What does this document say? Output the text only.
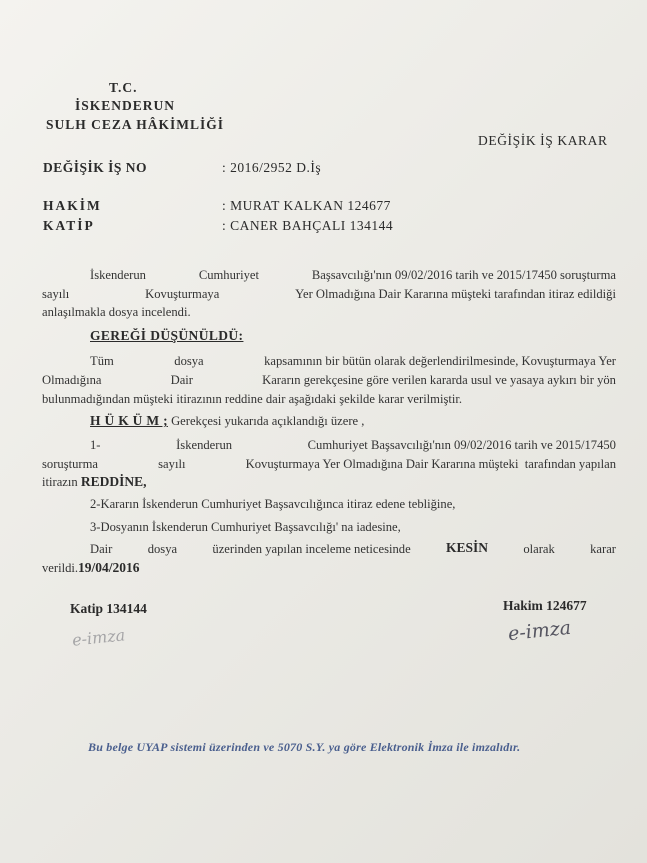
T.C.
İSKENDERUN
SULH CEZA HÂKİMLİĞİ
DEĞİŞİK İŞ KARAR
DEĞİŞİK İŞ NO	: 2016/2952 D.İş
HAKİM	: MURAT KALKAN 124677
KATİP	: CANER BAHÇALI 134144
İskenderun	Cumhuriyet	Başsavcılığı'nın 09/02/2016 tarih ve 2015/17450 soruşturma
sayılı	Kovuşturmaya	Yer Olmadığına Dair Kararına müşteki tarafından itiraz edildiği
anlaşılmakla dosya incelendi.
GEREĞİ DÜŞÜNÜLDÜ:
Tüm	dosya	kapsamının bir bütün olarak değerlendirilmesinde, Kovuşturmaya Yer
Olmadığına	Dair	Kararın gerekçesine göre verilen kararda usul ve yasaya aykırı bir yön
bulunmadığından müşteki itirazının reddine dair aşağıdaki şekilde karar verilmiştir.
H Ü K Ü M ; Gerekçesi yukarıda açıklandığı üzere ,
1-	İskenderun	Cumhuriyet Başsavcılığı'nın 09/02/2016 tarih ve 2015/17450
soruşturma	sayılı	Kovuşturmaya Yer Olmadığına Dair Kararına müşteki  tarafından yapılan
itirazın REDDİNE,
2-Kararın İskenderun Cumhuriyet Başsavcılığınca itiraz edene tebliğine,
3-Dosyanın İskenderun Cumhuriyet Başsavcılığı' na iadesine,
Dair	dosya	üzerinden yapılan inceleme neticesinde	KESİN	olarak	karar
verildi.19/04/2016
Katip 134144	Hakim 124677
e-imza	e-imza
Bu belge UYAP sistemi üzerinden ve 5070 S.Y. ya göre Elektronik İmza ile imzalıdır.
